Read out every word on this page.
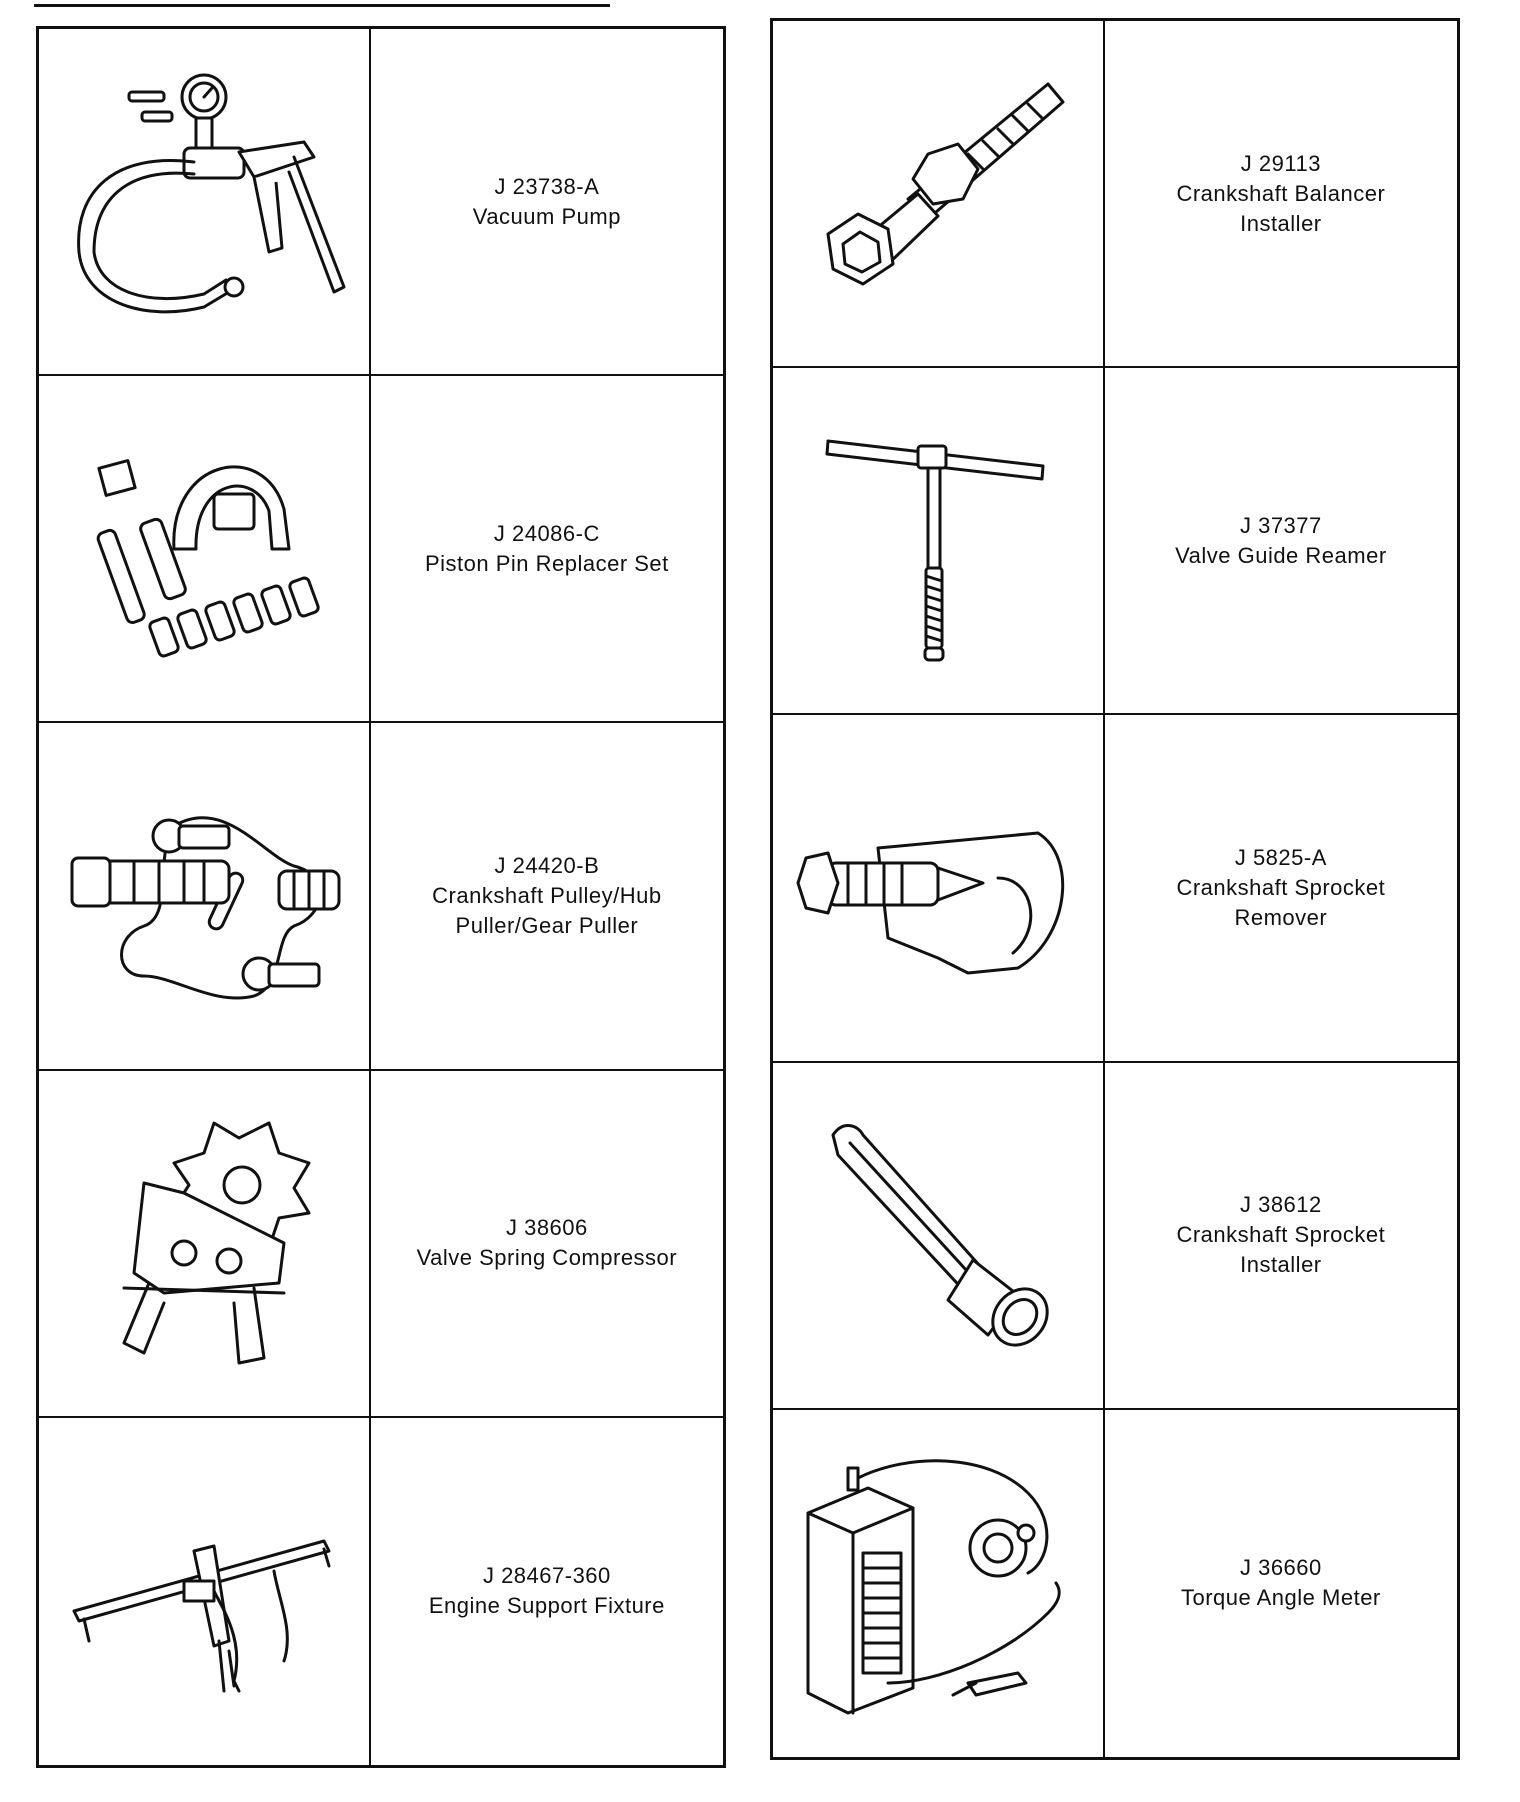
J 23738-A
Vacuum Pump
J 24086-C
Piston Pin Replacer Set
J 24420-B
Crankshaft Pulley/Hub
Puller/Gear Puller
J 38606
Valve Spring Compressor
J 28467-360
Engine Support Fixture
J 29113
Crankshaft Balancer
Installer
J 37377
Valve Guide Reamer
J 5825-A
Crankshaft Sprocket
Remover
J 38612
Crankshaft Sprocket
Installer
J 36660
Torque Angle Meter
